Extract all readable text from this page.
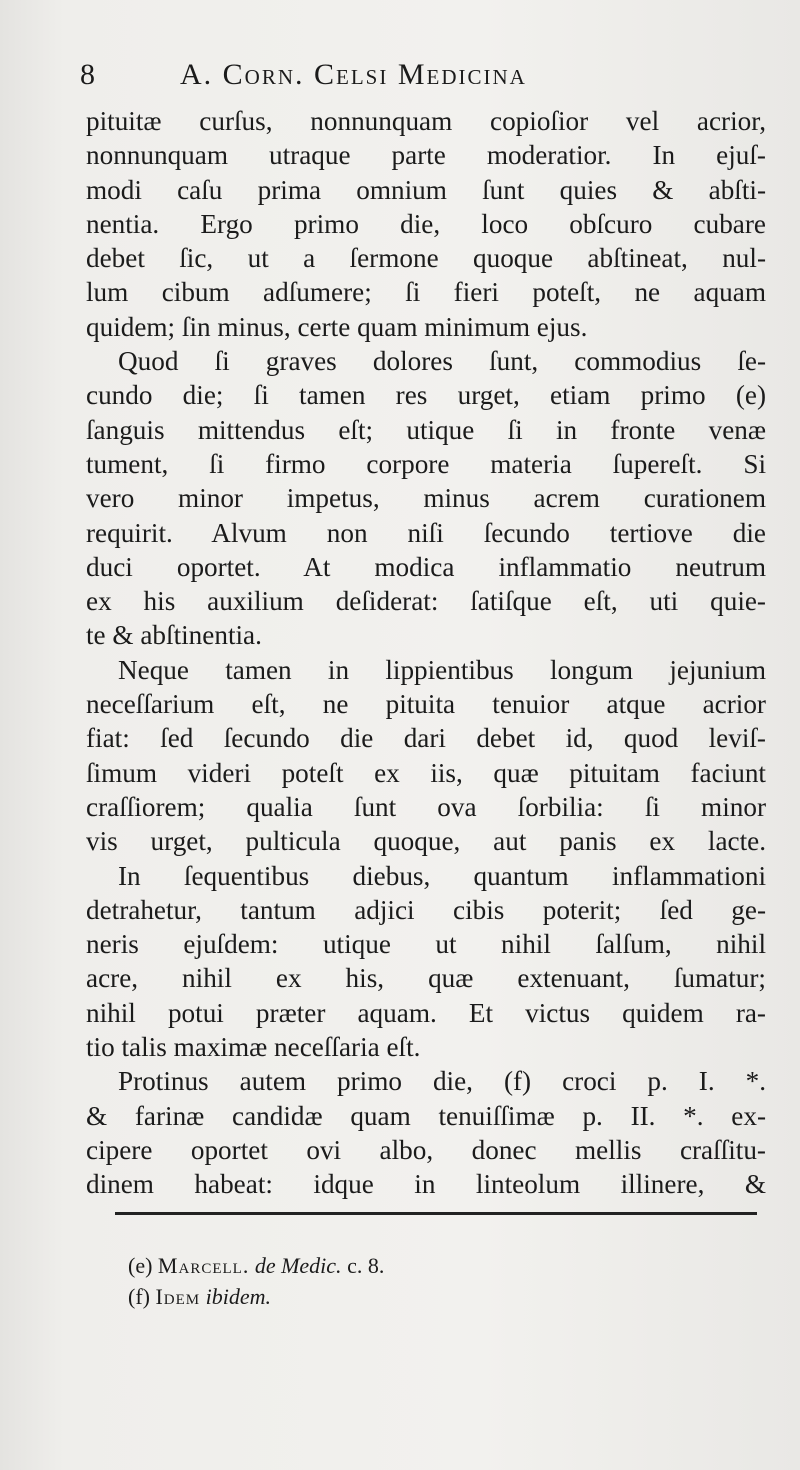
8	A. Corn. Celsi Medicina
pituitæ curſus, nonnunquam copioſior vel acrior,
nonnunquam utraque parte moderatior. In ejuſ-
modi caſu prima omnium ſunt quies & abſti-
nentia. Ergo primo die, loco obſcuro cubare
debet ſic, ut a ſermone quoque abſtineat, nul-
lum cibum adſumere; ſi fieri poteſt, ne aquam
quidem; ſin minus, certe quam minimum ejus.
Quod ſi graves dolores ſunt, commodius ſe-
cundo die; ſi tamen res urget, etiam primo (e)
ſanguis mittendus eſt; utique ſi in fronte venæ
tument, ſi firmo corpore materia ſupereſt. Si
vero minor impetus, minus acrem curationem
requirit. Alvum non niſi ſecundo tertiove die
duci oportet. At modica inflammatio neutrum
ex his auxilium deſiderat: ſatiſque eſt, uti quie-
te & abſtinentia.
Neque tamen in lippientibus longum jejunium
neceſſarium eſt, ne pituita tenuior atque acrior
fiat: ſed ſecundo die dari debet id, quod leviſ-
ſimum videri poteſt ex iis, quæ pituitam faciunt
craſſiorem; qualia ſunt ova ſorbilia: ſi minor
vis urget, pulticula quoque, aut panis ex lacte.
In ſequentibus diebus, quantum inflammationi
detrahetur, tantum adjici cibis poterit; ſed ge-
neris ejuſdem: utique ut nihil ſalſum, nihil
acre, nihil ex his, quæ extenuant, ſumatur;
nihil potui præter aquam. Et victus quidem ra-
tio talis maximæ neceſſaria eſt.
Protinus autem primo die, (f) croci p. I. *.
& farinæ candidæ quam tenuiſſimæ p. II. *. ex-
cipere oportet ovi albo, donec mellis craſſitu-
dinem habeat: idque in linteolum illinere, &
(e) Marcell. de Medic. c. 8.
(f) Idem ibidem.
